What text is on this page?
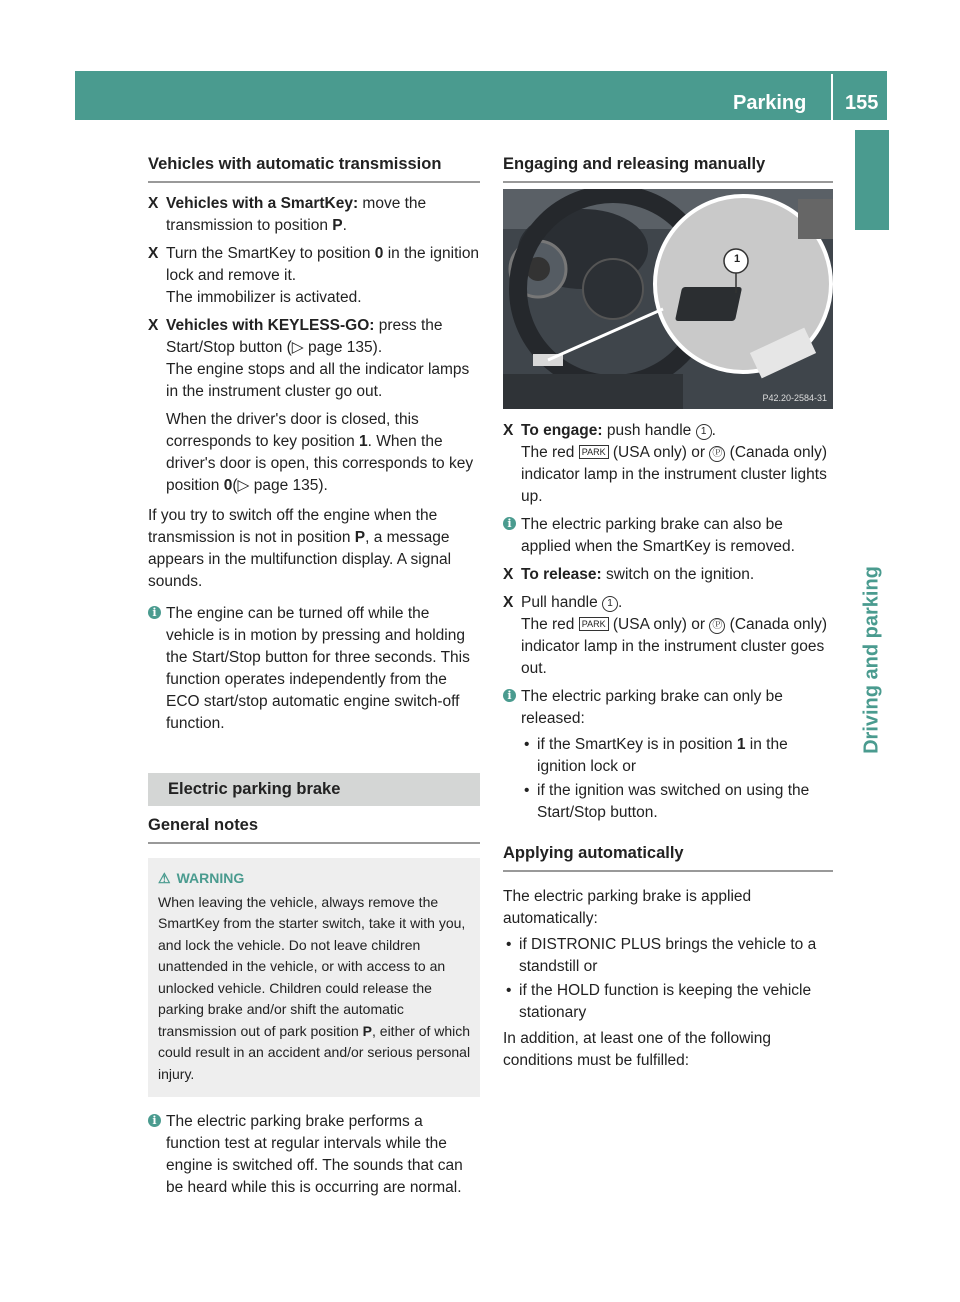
Parking 155
Driving and parking

Vehicles with automatic transmission

X Vehicles with a SmartKey: move the transmission to position P.

X Turn the SmartKey to position 0 in the ignition lock and remove it.
The immobilizer is activated.

X Vehicles with KEYLESS-GO: press the Start/Stop button (▷ page 135).
The engine stops and all the indicator lamps in the instrument cluster go out.

When the driver's door is closed, this corresponds to key position 1. When the driver's door is open, this corresponds to key position 0(▷ page 135).

If you try to switch off the engine when the transmission is not in position P, a message appears in the multifunction display. A signal sounds.

i The engine can be turned off while the vehicle is in motion by pressing and holding the Start/Stop button for three seconds. This function operates independently from the ECO start/stop automatic engine switch-off function.

Electric parking brake

General notes

⚠ WARNING
When leaving the vehicle, always remove the SmartKey from the starter switch, take it with you, and lock the vehicle. Do not leave children unattended in the vehicle, or with access to an unlocked vehicle. Children could release the parking brake and/or shift the automatic transmission out of park position P, either of which could result in an accident and/or serious personal injury.

i The electric parking brake performs a function test at regular intervals while the engine is switched off. The sounds that can be heard while this is occurring are normal.

Engaging and releasing manually

1
P42.20-2584-31

X To engage: push handle 1 .
The red PARK (USA only) or Ⓟ (Canada only) indicator lamp in the instrument cluster lights up.

i The electric parking brake can also be applied when the SmartKey is removed.

X To release: switch on the ignition.

X Pull handle 1 .
The red PARK (USA only) or Ⓟ (Canada only) indicator lamp in the instrument cluster goes out.

i The electric parking brake can only be released:

• if the SmartKey is in position 1 in the ignition lock or

• if the ignition was switched on using the Start/Stop button.

Applying automatically

The electric parking brake is applied automatically:

• if DISTRONIC PLUS brings the vehicle to a standstill or

• if the HOLD function is keeping the vehicle stationary

In addition, at least one of the following conditions must be fulfilled:
